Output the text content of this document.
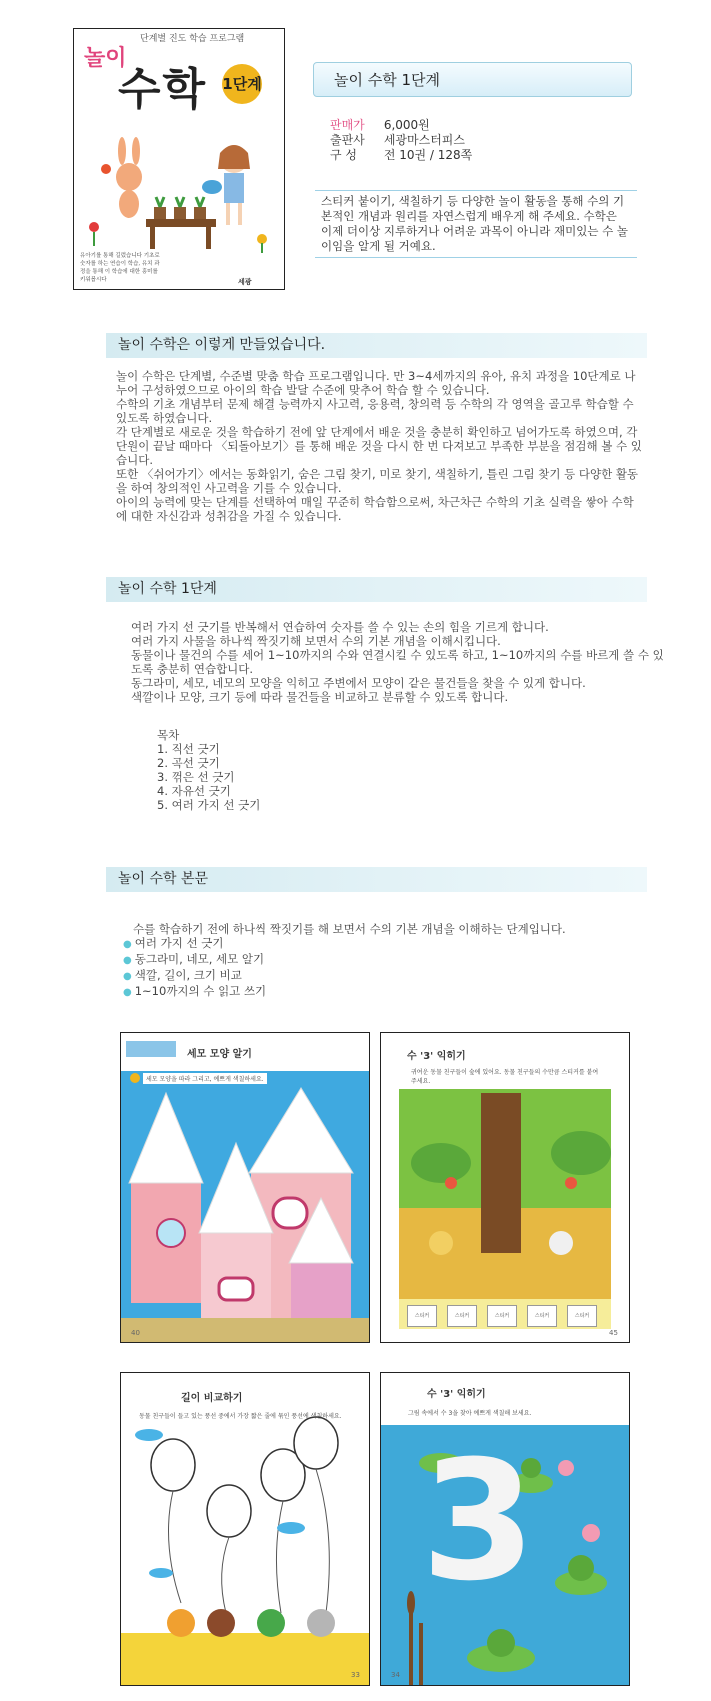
단계별 진도 학습 프로그램
놀이
수학 1단계
유아기를 통해 길렀습니다 기초로 숫자를 하는 연습이 학습, 유치 과정을 통해 이 학습에 대한 흥미를 키워봅시다	세광
놀이 수학 1단계
판매가 6,000원
출판사 세광마스터피스
구 성 전 10권 / 128쪽
스티커 붙이기, 색칠하기 등 다양한 놀이 활동을 통해 수의 기본적인 개념과 원리를 자연스럽게 배우게 해 주세요. 수학은 이제 더이상 지루하거나 어려운 과목이 아니라 재미있는 수 놀이임을 알게 될 거예요.
놀이 수학은 이렇게 만들었습니다.

놀이 수학은 단계별, 수준별 맞춤 학습 프로그램입니다. 만 3~4세까지의 유아, 유치 과정을 10단계로 나누어 구성하였으므로 아이의 학습 발달 수준에 맞추어 학습 할 수 있습니다.

수학의 기초 개념부터 문제 해결 능력까지 사고력, 응용력, 창의력 등 수학의 각 영역을 골고루 학습할 수 있도록 하였습니다.

각 단계별로 새로운 것을 학습하기 전에 앞 단계에서 배운 것을 충분히 확인하고 넘어가도록 하였으며, 각 단원이 끝날 때마다 〈되돌아보기〉를 통해 배운 것을 다시 한 번 다져보고 부족한 부분을 점검해 볼 수 있습니다.

또한 〈쉬어가기〉에서는 동화읽기, 숨은 그림 찾기, 미로 찾기, 색칠하기, 틀린 그림 찾기 등 다양한 활동을 하여 창의적인 사고력을 기를 수 있습니다.

아이의 능력에 맞는 단계를 선택하여 매일 꾸준히 학습함으로써, 차근차근 수학의 기초 실력을 쌓아 수학에 대한 자신감과 성취감을 가질 수 있습니다.

놀이 수학 1단계

여러 가지 선 긋기를 반복해서 연습하여 숫자를 쓸 수 있는 손의 힘을 기르게 합니다.

여러 가지 사물을 하나씩 짝짓기해 보면서 수의 기본 개념을 이해시킵니다.

동물이나 물건의 수를 세어 1~10까지의 수와 연결시킬 수 있도록 하고, 1~10까지의 수를 바르게 쓸 수 있도록 충분히 연습합니다.

동그라미, 세모, 네모의 모양을 익히고 주변에서 모양이 같은 물건들을 찾을 수 있게 합니다.

색깔이나 모양, 크기 등에 따라 물건들을 비교하고 분류할 수 있도록 합니다.

목차

1. 직선 긋기

2. 곡선 긋기

3. 꺾은 선 긋기

4. 자유선 긋기

5. 여러 가지 선 긋기

놀이 수학 본문

수를 학습하기 전에 하나씩 짝짓기를 해 보면서 수의 기본 개념을 이해하는 단계입니다.

● 여러 가지 선 긋기

● 동그라미, 네모, 세모 알기

● 색깔, 길이, 크기 비교

● 1~10까지의 수 읽고 쓰기

세모 모양 알기
세모 모양을 따라 그리고, 예쁘게 색칠하세요.
40
수 '3' 익히기
귀여운 동물 친구들이 숲에 있어요. 동물 친구들의 수만큼 스티커를 붙여 주세요.
스티커	스티커	스티커	스티커	스티커
45
길이 비교하기
동물 친구들이 들고 있는 풍선 중에서 가장 짧은 줄에 묶인 풍선에 색칠하세요.
33
3
수 '3' 익히기
그림 속에서 수 3을 찾아 예쁘게 색칠해 보세요.
34
